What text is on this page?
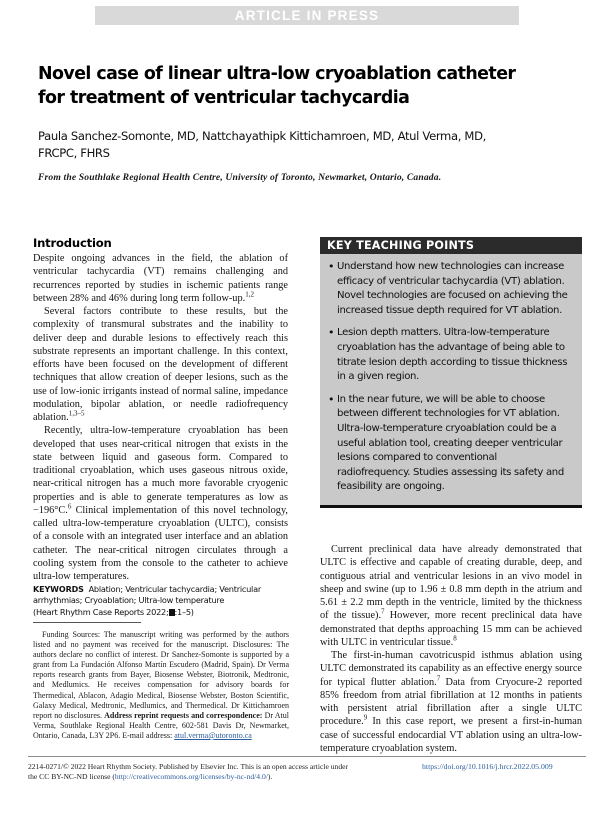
ARTICLE IN PRESS
Novel case of linear ultra-low cryoablation catheter for treatment of ventricular tachycardia
Paula Sanchez-Somonte, MD, Nattchayathipk Kittichamroen, MD, Atul Verma, MD, FRCPC, FHRS
From the Southlake Regional Health Centre, University of Toronto, Newmarket, Ontario, Canada.
Introduction

Despite ongoing advances in the field, the ablation of ventricular tachycardia (VT) remains challenging and recurrences reported by studies in ischemic patients range between 28% and 46% during long term follow-up.$^{1,2}$

Several factors contribute to these results, but the complexity of transmural substrates and the inability to deliver deep and durable lesions to effectively reach this substrate represents an important challenge. In this context, efforts have been focused on the development of different techniques that allow creation of deeper lesions, such as the use of low-ionic irrigants instead of normal saline, impedance modulation, bipolar ablation, or needle radiofrequency ablation.$^{1,3-5}$

Recently, ultra-low-temperature cryoablation has been developed that uses near-critical nitrogen that exists in the state between liquid and gaseous form. Compared to traditional cryoablation, which uses gaseous nitrous oxide, near-critical nitrogen has a much more favorable cryogenic properties and is able to generate temperatures as low as −196°C.$^6$ Clinical implementation of this novel technology, called ultra-low-temperature cryoablation (ULTC), consists of a console with an integrated user interface and an ablation catheter. The near-critical nitrogen circulates through a cooling system from the console to the catheter to achieve ultra-low temperatures.

KEYWORDS Ablation; Ventricular tachycardia; Ventricular arrhythmias; Cryoablation; Ultra-low temperature

(Heart Rhythm Case Reports 2022; :1–5)

Funding Sources: The manuscript writing was performed by the authors listed and no payment was received for the manuscript. Disclosures: The authors declare no conflict of interest. Dr Sanchez-Somonte is supported by a grant from La Fundación Alfonso Martín Escudero (Madrid, Spain). Dr Verma reports research grants from Bayer, Biosense Webster, Biotronik, Medtronic, and Medlumics. He receives compensation for advisory boards for Thermedical, Ablacon, Adagio Medical, Biosense Webster, Boston Scientific, Galaxy Medical, Medtronic, Medlumics, and Thermedical. Dr Kittichamroen report no disclosures. Address reprint requests and correspondence: Dr Atul Verma, Southlake Regional Health Centre, 602-581 Davis Dr, Newmarket, Ontario, Canada, L3Y 2P6. E-mail address: atul.verma@utoronto.ca
KEY TEACHING POINTS
• Understand how new technologies can increase efficacy of ventricular tachycardia (VT) ablation. Novel technologies are focused on achieving the increased tissue depth required for VT ablation.
• Lesion depth matters. Ultra-low-temperature cryoablation has the advantage of being able to titrate lesion depth according to tissue thickness in a given region.
• In the near future, we will be able to choose between different technologies for VT ablation. Ultra-low-temperature cryoablation could be a useful ablation tool, creating deeper ventricular lesions compared to conventional radiofrequency. Studies assessing its safety and feasibility are ongoing.

Current preclinical data have already demonstrated that ULTC is effective and capable of creating durable, deep, and contiguous atrial and ventricular lesions in an vivo model in sheep and swine (up to 1.96 ± 0.8 mm depth in the atrium and 5.61 ± 2.2 mm depth in the ventricle, limited by the thickness of the tissue).$^7$ However, more recent preclinical data have demonstrated that depths approaching 15 mm can be achieved with ULTC in ventricular tissue.$^8$

The first-in-human cavotricuspid isthmus ablation using ULTC demonstrated its capability as an effective energy source for typical flutter ablation.$^7$ Data from Cryocure-2 reported 85% freedom from atrial fibrillation at 12 months in patients with persistent atrial fibrillation after a single ULTC procedure.$^9$ In this case report, we present a first-in-human case of successful endocardial VT ablation using an ultra-low-temperature cryoablation system.

2214-0271/© 2022 Heart Rhythm Society. Published by Elsevier Inc. This is an open access article under the CC BY-NC-ND license (http://creativecommons.org/licenses/by-nc-nd/4.0/).
https://doi.org/10.1016/j.hrcr.2022.05.009
